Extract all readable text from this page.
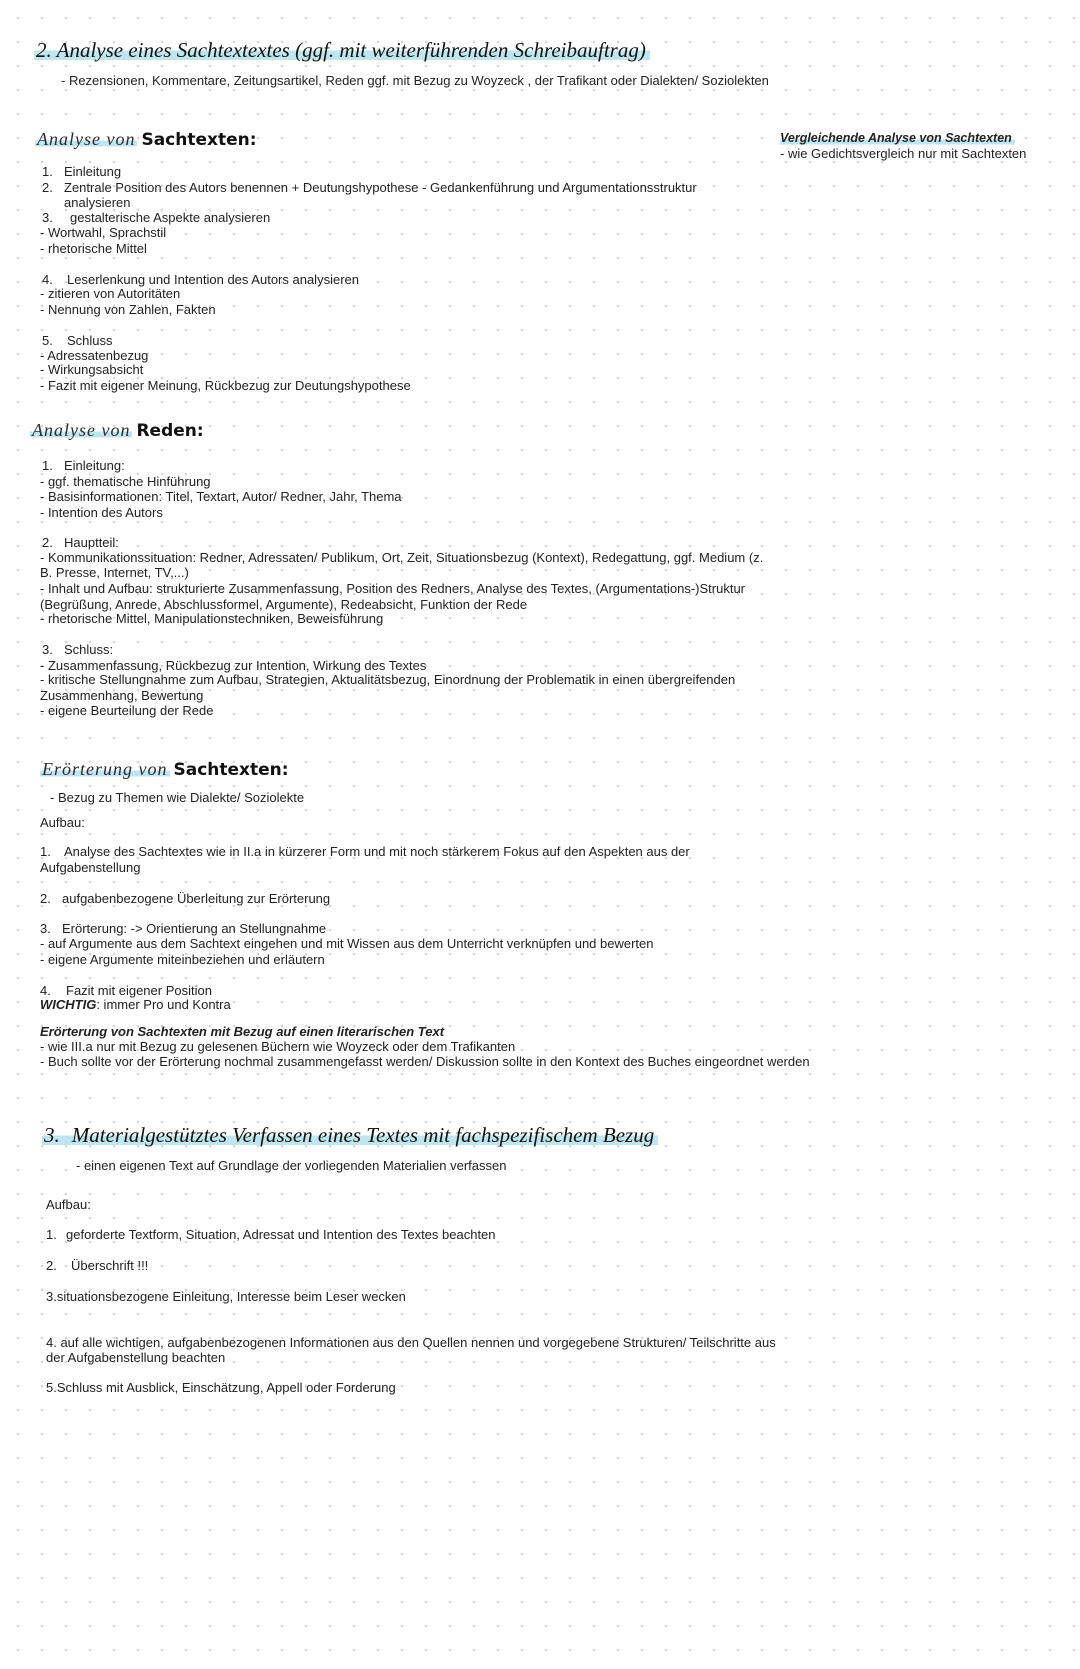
2. Analyse eines Sachtextextes (ggf. mit weiterführenden Schreibauftrag)
- Rezensionen, Kommentare, Zeitungsartikel, Reden ggf. mit Bezug zu Woyzeck , der Trafikant oder Dialekten/ Soziolekten
Analyse von Sachtexten:
1. Einleitung
2. Zentrale Position des Autors benennen + Deutungshypothese - Gedankenführung und Argumentationsstruktur
analysieren
3. gestalterische Aspekte analysieren
- Wortwahl, Sprachstil
- rhetorische Mittel
4. Leserlenkung und Intention des Autors analysieren
- zitieren von Autoritäten
- Nennung von Zahlen, Fakten
5. Schluss
- Adressatenbezug
- Wirkungsabsicht
- Fazit mit eigener Meinung, Rückbezug zur Deutungshypothese
Vergleichende Analyse von Sachtexten
- wie Gedichtsvergleich nur mit Sachtexten
Analyse von Reden:
1. Einleitung:
- ggf. thematische Hinführung
- Basisinformationen: Titel, Textart, Autor/ Redner, Jahr, Thema
- Intention des Autors
2. Hauptteil:
- Kommunikationssituation: Redner, Adressaten/ Publikum, Ort, Zeit, Situationsbezug (Kontext), Redegattung, ggf. Medium (z.
B. Presse, Internet, TV,...)
- Inhalt und Aufbau: strukturierte Zusammenfassung, Position des Redners, Analyse des Textes, (Argumentations-)Struktur
(Begrüßung, Anrede, Abschlussformel, Argumente), Redeabsicht, Funktion der Rede
- rhetorische Mittel, Manipulationstechniken, Beweisführung
3. Schluss:
- Zusammenfassung, Rückbezug zur Intention, Wirkung des Textes
- kritische Stellungnahme zum Aufbau, Strategien, Aktualitätsbezug, Einordnung der Problematik in einen übergreifenden
Zusammenhang, Bewertung
- eigene Beurteilung der Rede
Erörterung von Sachtexten:
- Bezug zu Themen wie Dialekte/ Soziolekte
Aufbau:
1. Analyse des Sachtextes wie in II.a in kürzerer Form und mit noch stärkerem Fokus auf den Aspekten aus der
Aufgabenstellung
2. aufgabenbezogene Überleitung zur Erörterung
3. Erörterung: -> Orientierung an Stellungnahme
- auf Argumente aus dem Sachtext eingehen und mit Wissen aus dem Unterricht verknüpfen und bewerten
- eigene Argumente miteinbeziehen und erläutern
4. Fazit mit eigener Position
WICHTIG: immer Pro und Kontra
Erörterung von Sachtexten mit Bezug auf einen literarischen Text
- wie III.a nur mit Bezug zu gelesenen Büchern wie Woyzeck oder dem Trafikanten
- Buch sollte vor der Erörterung nochmal zusammengefasst werden/ Diskussion sollte in den Kontext des Buches eingeordnet werden
3. Materialgestütztes Verfassen eines Textes mit fachspezifischem Bezug
- einen eigenen Text auf Grundlage der vorliegenden Materialien verfassen
Aufbau:
1. geforderte Textform, Situation, Adressat und Intention des Textes beachten
2. Überschrift !!!
3.situationsbezogene Einleitung, Interesse beim Leser wecken
4. auf alle wichtigen, aufgabenbezogenen Informationen aus den Quellen nennen und vorgegebene Strukturen/ Teilschritte aus
der Aufgabenstellung beachten
5.Schluss mit Ausblick, Einschätzung, Appell oder Forderung
